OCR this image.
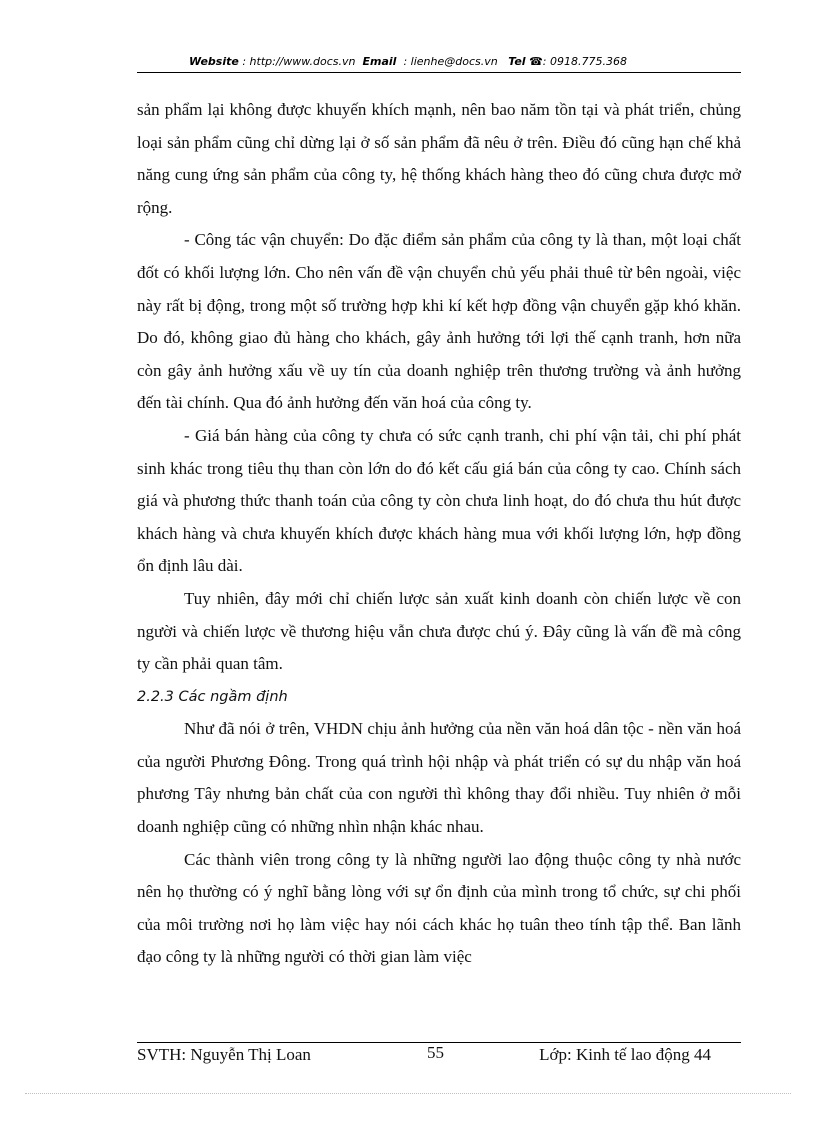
Website : http://www.docs.vn Email : lienhe@docs.vn Tel ☎: 0918.775.368

sản phẩm lại không được khuyến khích mạnh, nên bao năm tồn tại và phát triển, chủng loại sản phẩm cũng chỉ dừng lại ở số sản phẩm đã nêu ở trên. Điều đó cũng hạn chế khả năng cung ứng sản phẩm của công ty, hệ thống khách hàng theo đó cũng chưa được mở rộng.

- Công tác vận chuyển: Do đặc điểm sản phẩm của công ty là than, một loại chất đốt có khối lượng lớn. Cho nên vấn đề vận chuyển chủ yếu phải thuê từ bên ngoài, việc này rất bị động, trong một số trường hợp khi kí kết hợp đồng vận chuyển gặp khó khăn. Do đó, không giao đủ hàng cho khách, gây ảnh hưởng tới lợi thế cạnh tranh, hơn nữa còn gây ảnh hưởng xấu về uy tín của doanh nghiệp trên thương trường và ảnh hưởng đến tài chính. Qua đó ảnh hưởng đến văn hoá của công ty.

- Giá bán hàng của công ty chưa có sức cạnh tranh, chi phí vận tải, chi phí phát sinh khác trong tiêu thụ than còn lớn do đó kết cấu giá bán của công ty cao. Chính sách giá và phương thức thanh toán của công ty còn chưa linh hoạt, do đó chưa thu hút được khách hàng và chưa khuyến khích được khách hàng mua với khối lượng lớn, hợp đồng ổn định lâu dài.

Tuy nhiên, đây mới chỉ chiến lược sản xuất kinh doanh còn chiến lược về con người và chiến lược về thương hiệu vẫn chưa được chú ý. Đây cũng là vấn đề mà công ty cần phải quan tâm.

2.2.3 Các ngầm định

Như đã nói ở trên, VHDN chịu ảnh hưởng của nền văn hoá dân tộc - nền văn hoá của người Phương Đông. Trong quá trình hội nhập và phát triển có sự du nhập văn hoá phương Tây nhưng bản chất của con người thì không thay đổi nhiều. Tuy nhiên ở mỗi doanh nghiệp cũng có những nhìn nhận khác nhau.

Các thành viên trong công ty là những người lao động thuộc công ty nhà nước nên họ thường có ý nghĩ bằng lòng với sự ổn định của mình trong tổ chức, sự chi phối của môi trường nơi họ làm việc hay nói cách khác họ tuân theo tính tập thể. Ban lãnh đạo công ty là những người có thời gian làm việc

SVTH: Nguyễn Thị Loan	55	Lớp: Kinh tế lao động 44
